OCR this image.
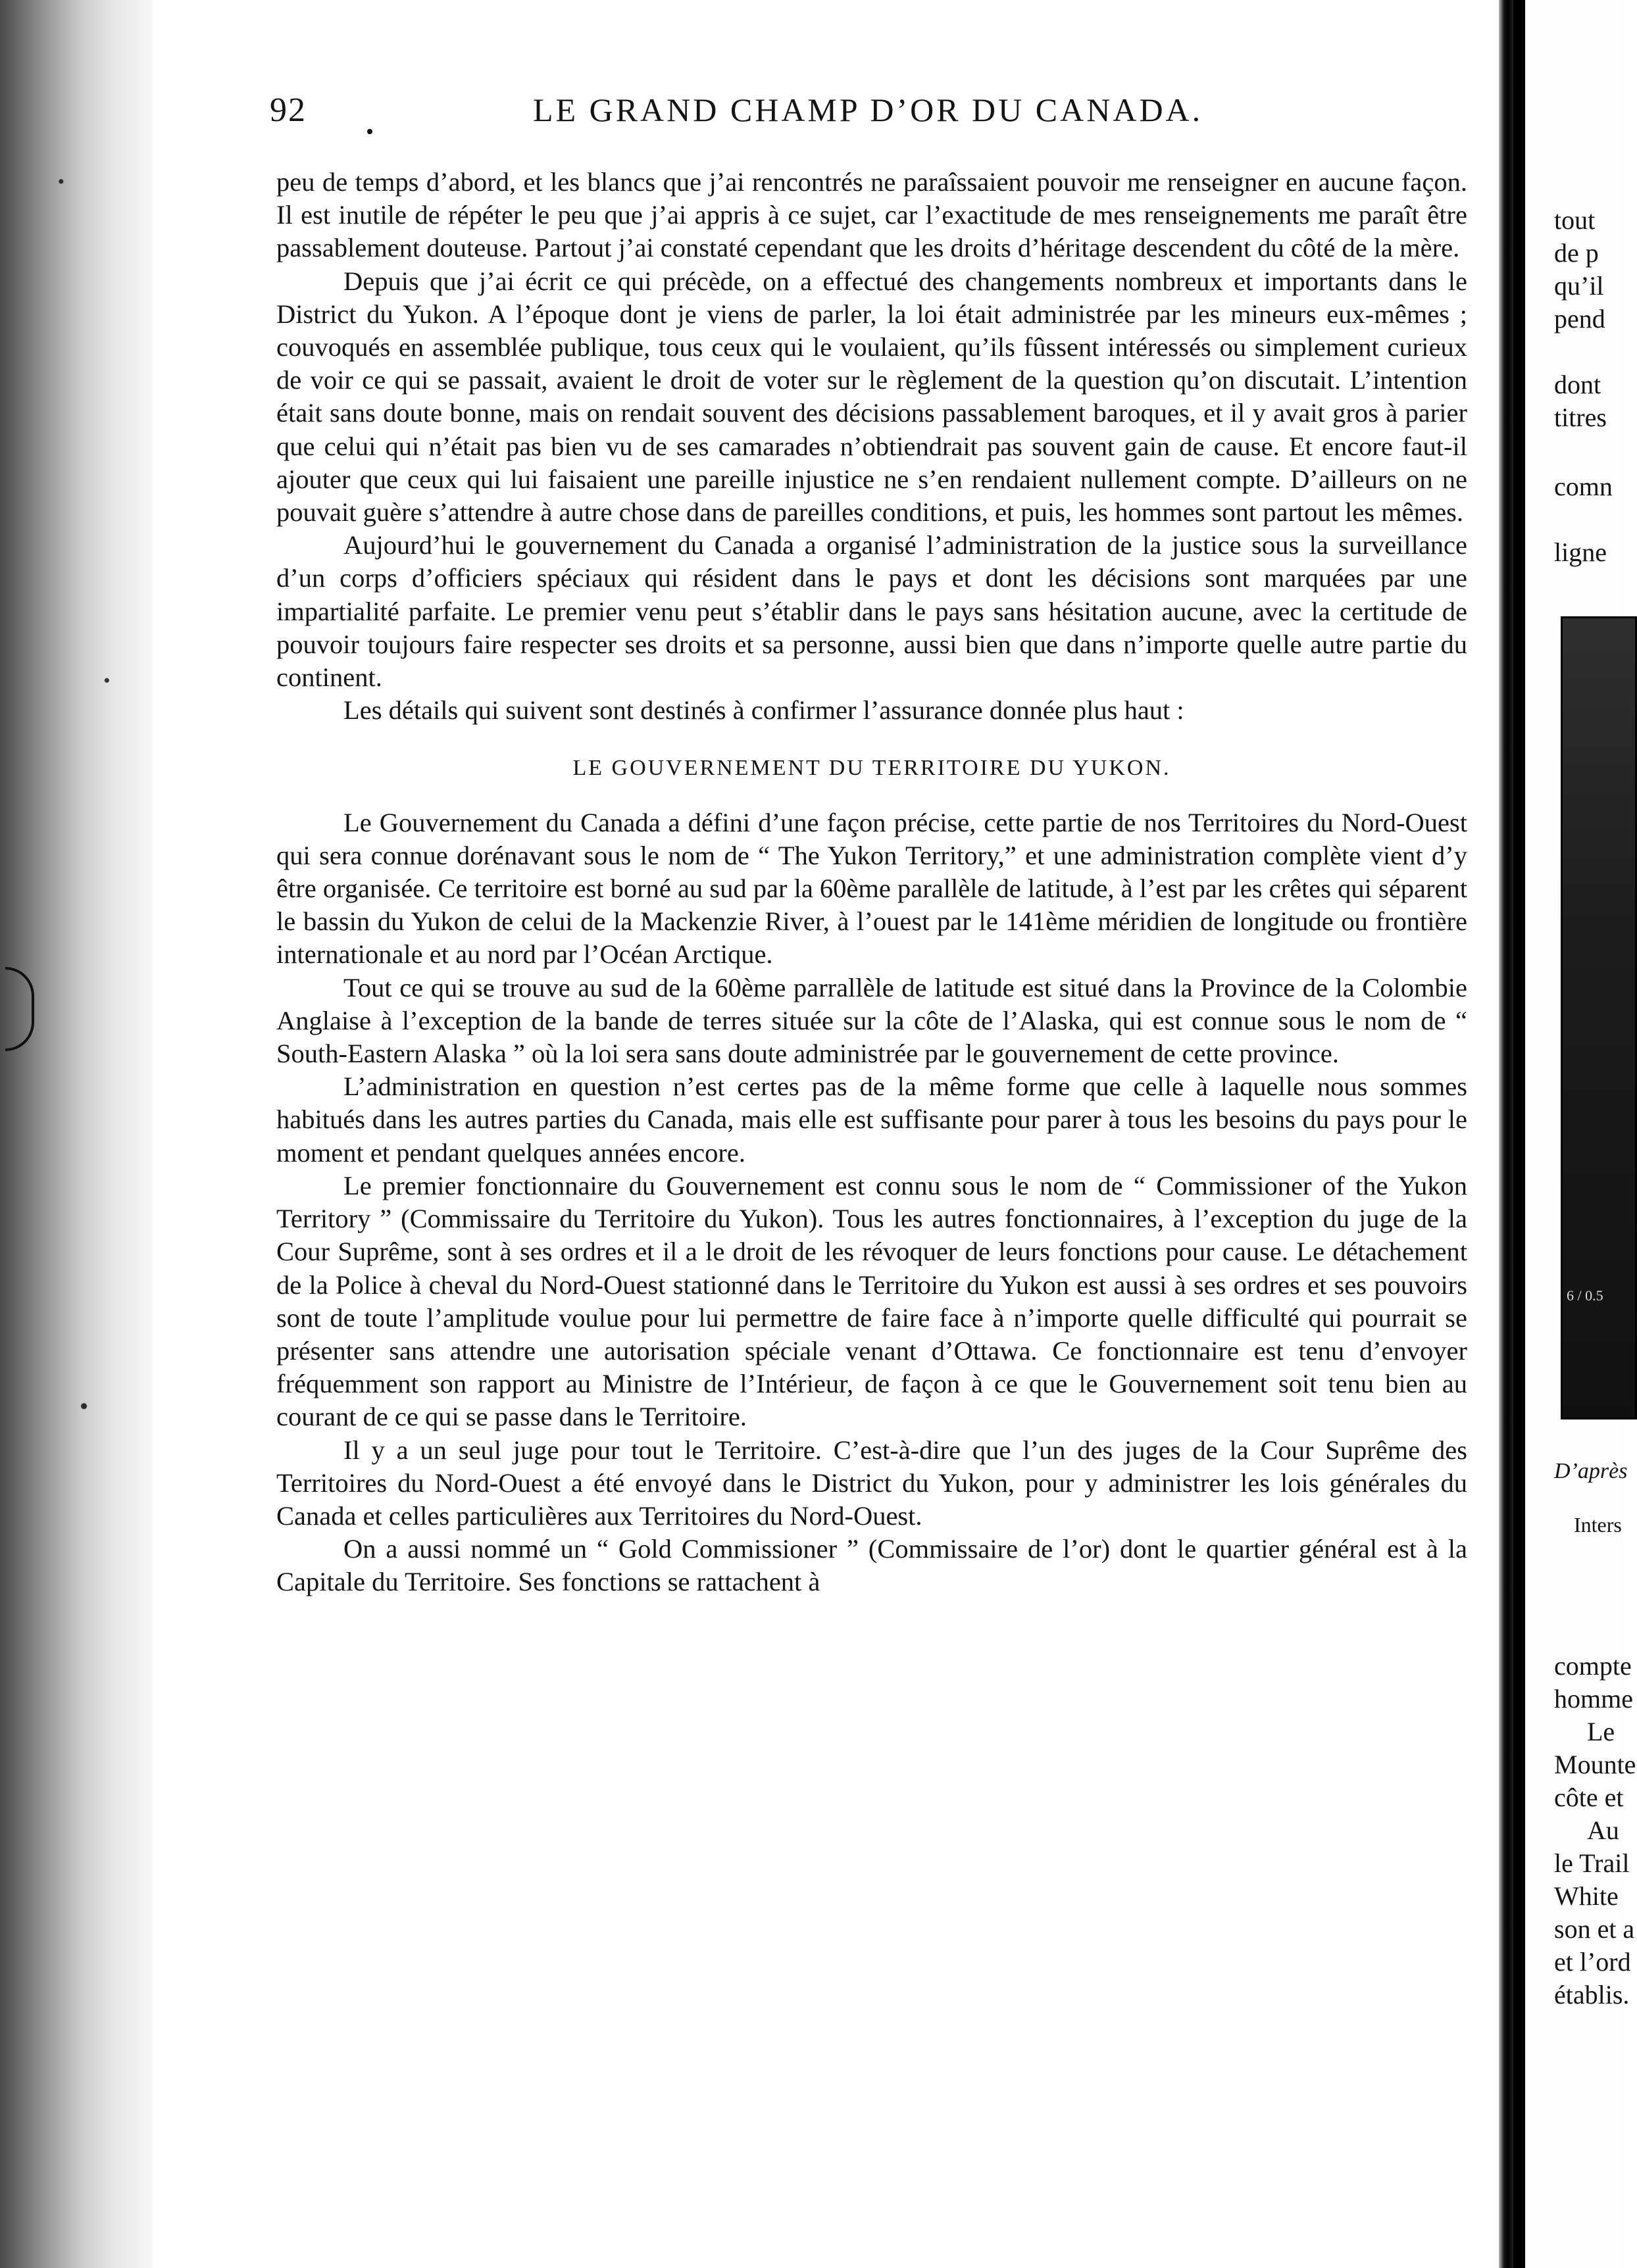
92	LE GRAND CHAMP D’OR DU CANADA.

peu de temps d’abord, et les blancs que j’ai rencontrés ne paraîssaient pouvoir me renseigner en aucune façon. Il est inutile de répéter le peu que j’ai appris à ce sujet, car l’exactitude de mes renseignements me paraît être passablement douteuse. Partout j’ai constaté cependant que les droits d’héritage descendent du côté de la mère.

Depuis que j’ai écrit ce qui précède, on a effectué des changements nombreux et importants dans le District du Yukon. A l’époque dont je viens de parler, la loi était administrée par les mineurs eux-mêmes ; couvoqués en assemblée publique, tous ceux qui le voulaient, qu’ils fûssent intéressés ou simplement curieux de voir ce qui se passait, avaient le droit de voter sur le règlement de la question qu’on discutait. L’intention était sans doute bonne, mais on rendait souvent des décisions passablement baroques, et il y avait gros à parier que celui qui n’était pas bien vu de ses camarades n’obtiendrait pas souvent gain de cause. Et encore faut-il ajouter que ceux qui lui faisaient une pareille injustice ne s’en rendaient nullement compte. D’ailleurs on ne pouvait guère s’attendre à autre chose dans de pareilles conditions, et puis, les hommes sont partout les mêmes.

Aujourd’hui le gouvernement du Canada a organisé l’administration de la justice sous la surveillance d’un corps d’officiers spéciaux qui résident dans le pays et dont les décisions sont marquées par une impartialité parfaite. Le premier venu peut s’établir dans le pays sans hésitation aucune, avec la certitude de pouvoir toujours faire respecter ses droits et sa personne, aussi bien que dans n’importe quelle autre partie du continent.

Les détails qui suivent sont destinés à confirmer l’assurance donnée plus haut :

LE GOUVERNEMENT DU TERRITOIRE DU YUKON.

Le Gouvernement du Canada a défini d’une façon précise, cette partie de nos Territoires du Nord-Ouest qui sera connue dorénavant sous le nom de “ The Yukon Territory,” et une administration complète vient d’y être organisée. Ce territoire est borné au sud par la 60ème parallèle de latitude, à l’est par les crêtes qui séparent le bassin du Yukon de celui de la Mackenzie River, à l’ouest par le 141ème méridien de longitude ou frontière internationale et au nord par l’Océan Arctique.

Tout ce qui se trouve au sud de la 60ème parrallèle de latitude est situé dans la Province de la Colombie Anglaise à l’exception de la bande de terres située sur la côte de l’Alaska, qui est connue sous le nom de “ South-Eastern Alaska ” où la loi sera sans doute administrée par le gouvernement de cette province.

L’administration en question n’est certes pas de la même forme que celle à laquelle nous sommes habitués dans les autres parties du Canada, mais elle est suffisante pour parer à tous les besoins du pays pour le moment et pendant quelques années encore.

Le premier fonctionnaire du Gouvernement est connu sous le nom de “ Commissioner of the Yukon Territory ” (Commissaire du Territoire du Yukon). Tous les autres fonctionnaires, à l’exception du juge de la Cour Suprême, sont à ses ordres et il a le droit de les révoquer de leurs fonctions pour cause. Le détachement de la Police à cheval du Nord-Ouest stationné dans le Territoire du Yukon est aussi à ses ordres et ses pouvoirs sont de toute l’amplitude voulue pour lui permettre de faire face à n’importe quelle difficulté qui pourrait se présenter sans attendre une autorisation spéciale venant d’Ottawa. Ce fonctionnaire est tenu d’envoyer fréquemment son rapport au Ministre de l’Intérieur, de façon à ce que le Gouvernement soit tenu bien au courant de ce qui se passe dans le Territoire.

Il y a un seul juge pour tout le Territoire. C’est-à-dire que l’un des juges de la Cour Suprême des Territoires du Nord-Ouest a été envoyé dans le District du Yukon, pour y administrer les lois générales du Canada et celles particulières aux Territoires du Nord-Ouest.

On a aussi nommé un “ Gold Commissioner ” (Commissaire de l’or) dont le quartier général est à la Capitale du Territoire. Ses fonctions se rattachent à

tout
de p
qu’il
pend
dont
titres
comn
ligne
6 / 0.5
D’après
Inters
compte
homme
Le
Mounte
côte et
Au
le Trail
White
son et a
et l’ord
établis.
